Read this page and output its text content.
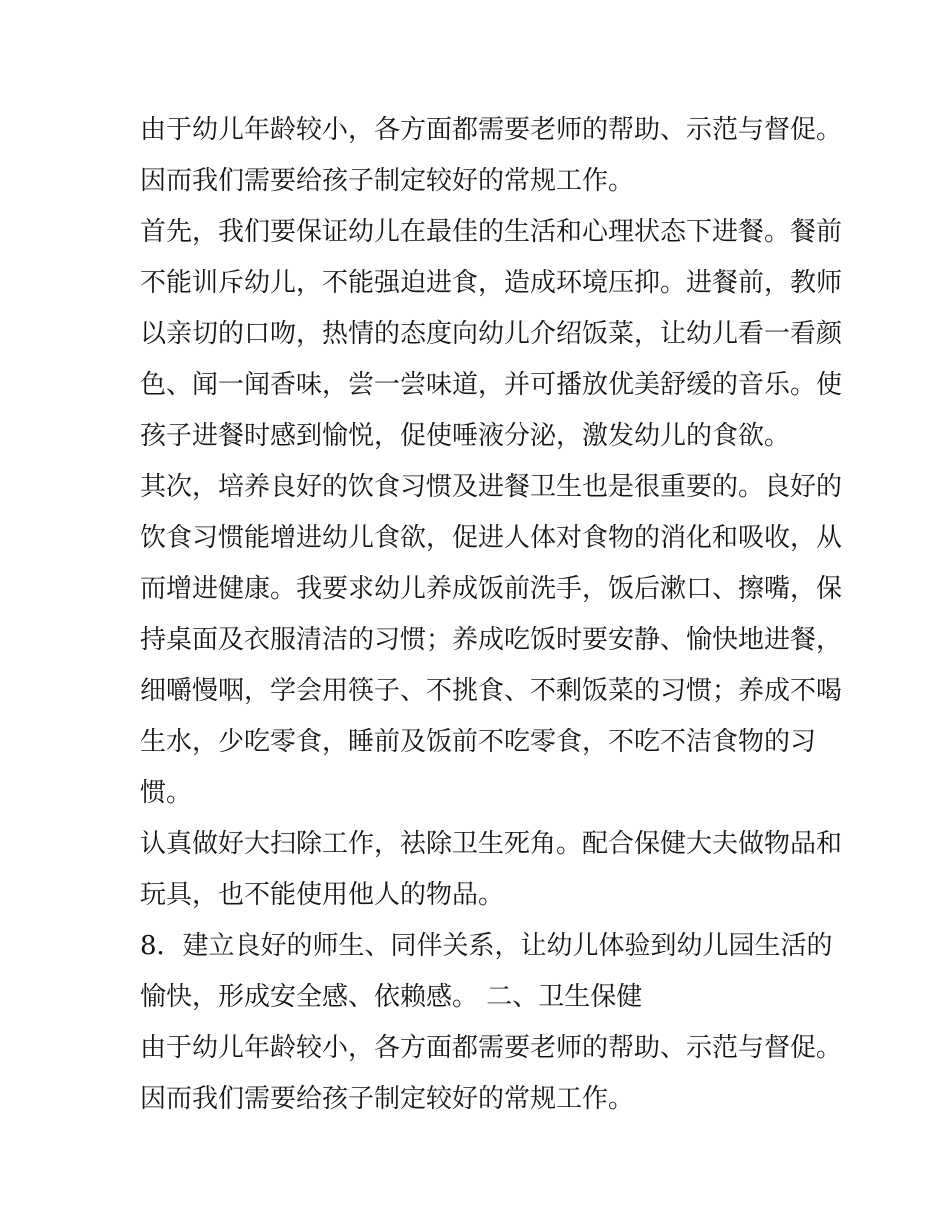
由于幼儿年龄较小，各方面都需要老师的帮助、示范与督促。
因而我们需要给孩子制定较好的常规工作。
首先，我们要保证幼儿在最佳的生活和心理状态下进餐。餐前
不能训斥幼儿，不能强迫进食，造成环境压抑。进餐前，教师
以亲切的口吻，热情的态度向幼儿介绍饭菜，让幼儿看一看颜
色、闻一闻香味，尝一尝味道，并可播放优美舒缓的音乐。使
孩子进餐时感到愉悦，促使唾液分泌，激发幼儿的食欲。
其次，培养良好的饮食习惯及进餐卫生也是很重要的。良好的
饮食习惯能增进幼儿食欲，促进人体对食物的消化和吸收，从
而增进健康。我要求幼儿养成饭前洗手，饭后漱口、擦嘴，保
持桌面及衣服清洁的习惯；养成吃饭时要安静、愉快地进餐，
细嚼慢咽，学会用筷子、不挑食、不剩饭菜的习惯；养成不喝
生水，少吃零食，睡前及饭前不吃零食，不吃不洁食物的习
惯。
认真做好大扫除工作，祛除卫生死角。配合保健大夫做物品和
玩具，也不能使用他人的物品。
8．建立良好的师生、同伴关系，让幼儿体验到幼儿园生活的
愉快，形成安全感、依赖感。 二、卫生保健
由于幼儿年龄较小，各方面都需要老师的帮助、示范与督促。
因而我们需要给孩子制定较好的常规工作。
